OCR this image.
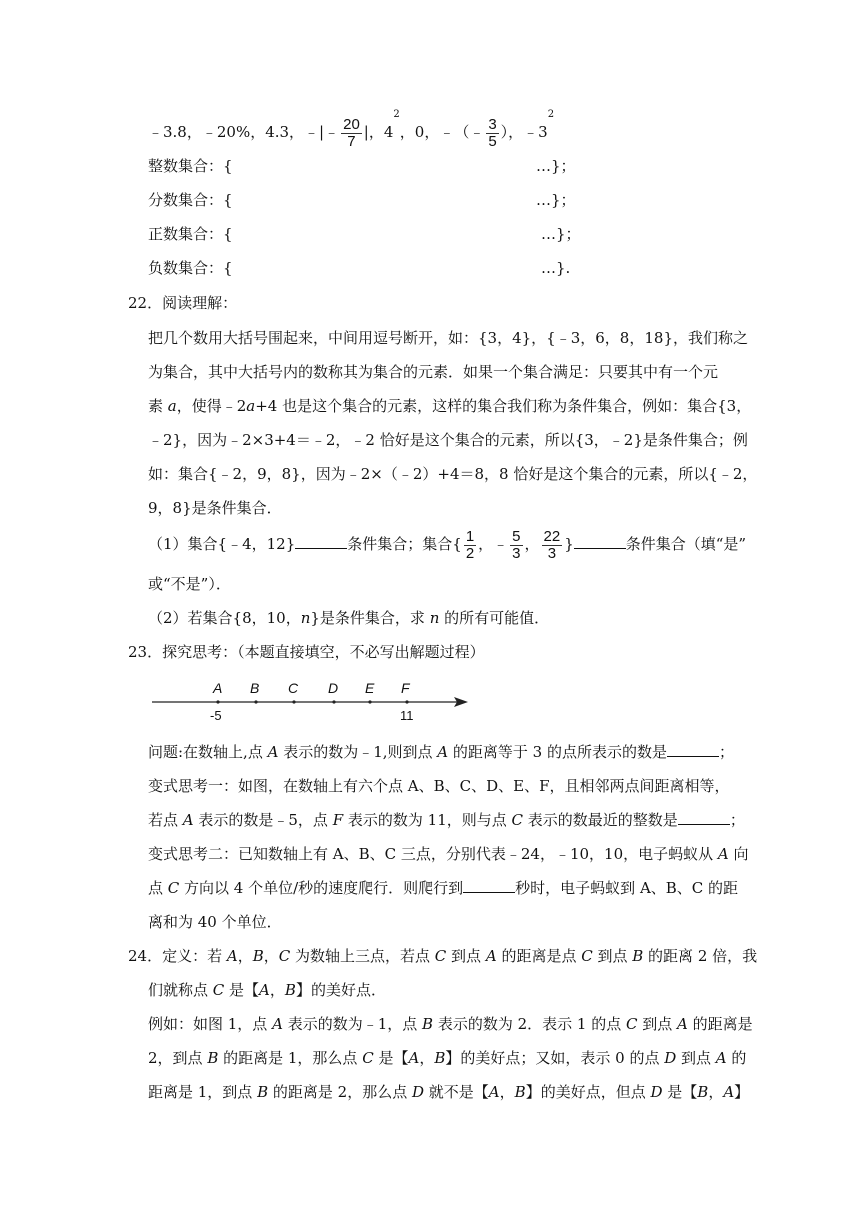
﹣3.8，﹣20%，4.3，﹣|﹣ $\frac{20}{7}$ |，$4^2$，0，﹣（﹣ $\frac{3}{5}$ ），$﹣3^2$
整数集合：{	…}；
分数集合：{	…}；
正数集合：{	…}；
负数集合：{	…}.
22．阅读理解：
把几个数用大括号围起来，中间用逗号断开，如：{3，4}，{﹣3，6，8，18}，我们称之
为集合，其中大括号内的数称其为集合的元素．如果一个集合满足：只要其中有一个元
素 a，使得﹣2a+4 也是这个集合的元素，这样的集合我们称为条件集合，例如：集合{3，
﹣2}，因为﹣2×3+4＝﹣2，﹣2 恰好是这个集合的元素，所以{3，﹣2}是条件集合；例
如：集合{﹣2，9，8}，因为﹣2×（﹣2）+4＝8，8 恰好是这个集合的元素，所以{﹣2，
9，8}是条件集合．
（1）集合{﹣4，12}	条件集合；集合{ $\frac{1}{2}$ ，﹣ $\frac{5}{3}$ ， $\frac{22}{3}$ }	条件集合（填“是”
或“不是”）．
（2）若集合{8，10，n}是条件集合，求 n 的所有可能值．
23．探究思考：（本题直接填空，不必写出解题过程）
A B C D E F
-5	11
问题:在数轴上,点 A 表示的数为﹣1,则到点 A 的距离等于 3 的点所表示的数是	；
变式思考一：如图，在数轴上有六个点 A、B、C、D、E、F，且相邻两点间距离相等，
若点 A 表示的数是﹣5，点 F 表示的数为 11，则与点 C 表示的数最近的整数是	；
变式思考二：已知数轴上有 A、B、C 三点，分别代表﹣24，﹣10，10，电子蚂蚁从 A 向
点 C 方向以 4 个单位/秒的速度爬行．则爬行到	秒时，电子蚂蚁到 A、B、C 的距
离和为 40 个单位．
24．定义：若 A，B，C 为数轴上三点，若点 C 到点 A 的距离是点 C 到点 B 的距离 2 倍，我
们就称点 C 是【A，B】的美好点．
例如：如图 1，点 A 表示的数为﹣1，点 B 表示的数为 2．表示 1 的点 C 到点 A 的距离是
2，到点 B 的距离是 1，那么点 C 是【A，B】的美好点；又如，表示 0 的点 D 到点 A 的
距离是 1，到点 B 的距离是 2，那么点 D 就不是【A，B】的美好点，但点 D 是【B，A】
